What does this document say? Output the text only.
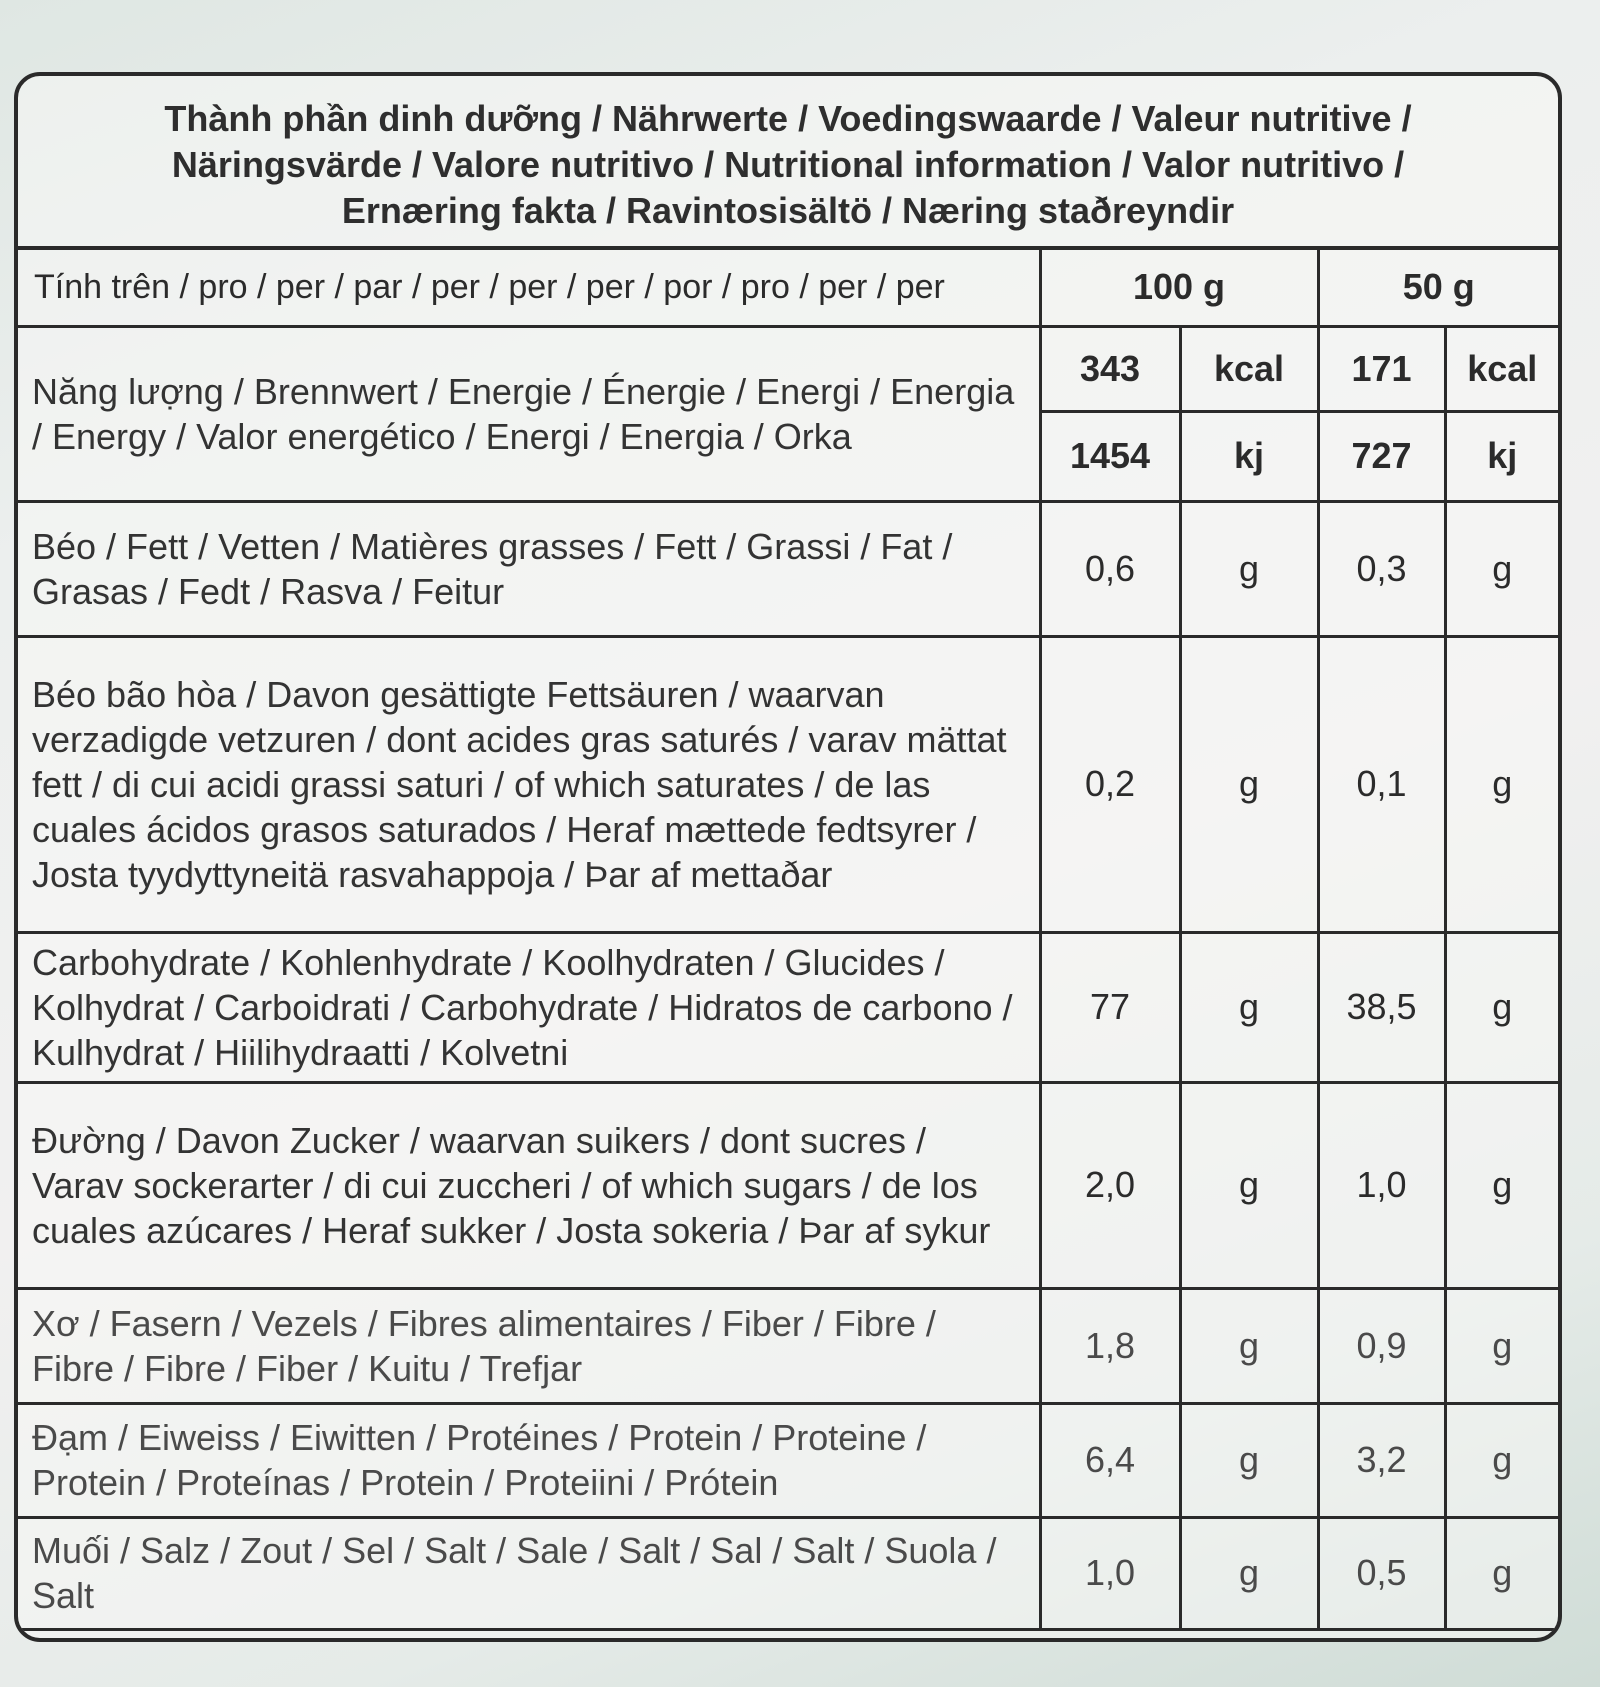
Thành phần dinh dưỡng / Nährwerte / Voedingswaarde / Valeur nutritive /
Näringsvärde / Valore nutritivo / Nutritional information / Valor nutritivo /
Ernæring fakta / Ravintosisältö / Næring staðreyndir
Tính trên / pro / per / par / per / per / per / por / pro / per / per	100 g		50 g	
Năng lượng / Brennwert / Energie / Énergie / Energi / Energia / Energy / Valor energético / Energi / Energia / Orka	343	kcal	171	kcal
	1454	kj	727	kj
Béo / Fett / Vetten / Matières grasses / Fett / Grassi / Fat / Grasas / Fedt / Rasva / Feitur	0,6	g	0,3	g
Béo bão hòa / Davon gesättigte Fettsäuren / waarvan verzadigde vetzuren / dont acides gras saturés / varav mättat fett / di cui acidi grassi saturi / of which saturates / de las cuales ácidos grasos saturados / Heraf mættede fedtsyrer / Josta tyydyttyneitä rasvahappoja / Þar af mettaðar	0,2	g	0,1	g
Carbohydrate / Kohlenhydrate / Koolhydraten / Glucides / Kolhydrat / Carboidrati / Carbohydrate / Hidratos de carbono / Kulhydrat / Hiilihydraatti / Kolvetni	77	g	38,5	g
Đường / Davon Zucker / waarvan suikers / dont sucres / Varav sockerarter / di cui zuccheri / of which sugars / de los cuales azúcares / Heraf sukker / Josta sokeria / Þar af sykur	2,0	g	1,0	g
Xơ / Fasern / Vezels / Fibres alimentaires / Fiber / Fibre / Fibre / Fibre / Fiber / Kuitu / Trefjar	1,8	g	0,9	g
Đạm / Eiweiss / Eiwitten / Protéines / Protein / Proteine / Protein / Proteínas / Protein / Proteiini / Prótein	6,4	g	3,2	g
Muối / Salz / Zout / Sel / Salt / Sale / Salt / Sal / Salt / Suola / Salt	1,0	g	0,5	g
